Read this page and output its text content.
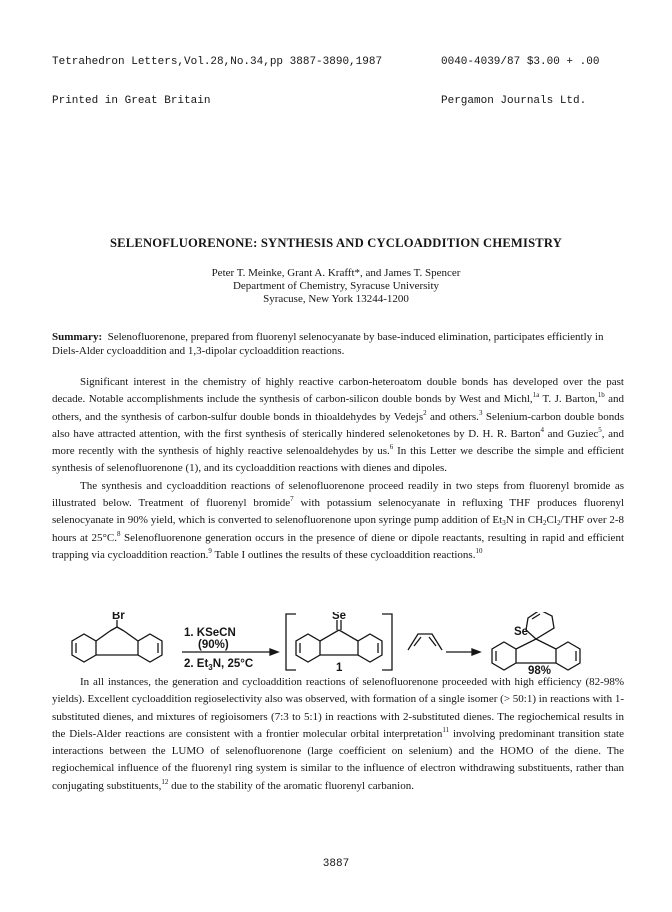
Tetrahedron Letters,Vol.28,No.34,pp 3887-3890,1987

Printed in Great Britain

0040-4039/87 $3.00 + .00

Pergamon Journals Ltd.

SELENOFLUORENONE: SYNTHESIS AND CYCLOADDITION CHEMISTRY
Peter T. Meinke, Grant A. Krafft*, and James T. Spencer
Department of Chemistry, Syracuse University
Syracuse, New York 13244-1200
Summary: Selenofluorenone, prepared from fluorenyl selenocyanate by base-induced elimination, participates efficiently in Diels-Alder cycloaddition and 1,3-dipolar cycloaddition reactions.

Significant interest in the chemistry of highly reactive carbon-heteroatom double bonds has developed over the past decade. Notable accomplishments include the synthesis of carbon-silicon double bonds by West and Michl,$^{1a}$ T. J. Barton,$^{1b}$ and others, and the synthesis of carbon-sulfur double bonds in thioaldehydes by Vedejs$^2$ and others.$^3$ Selenium-carbon double bonds also have attracted attention, with the first synthesis of sterically hindered selenoketones by D. H. R. Barton$^4$ and Guziec$^5$, and more recently with the synthesis of highly reactive selenoaldehydes by us.$^6$ In this Letter we describe the simple and efficient synthesis of selenofluorenone (1), and its cycloaddition reactions with dienes and dipoles.

The synthesis and cycloaddition reactions of selenofluorenone proceed readily in two steps from fluorenyl bromide as illustrated below. Treatment of fluorenyl bromide$^7$ with potassium selenocyanate in refluxing THF produces fluorenyl selenocyanate in 90% yield, which is converted to selenofluorenone upon syringe pump addition of $Et_3N$ in $CH_2Cl_2$/THF over 2-8 hours at 25°C.$^8$ Selenofluorenone generation occurs in the presence of diene or dipole reactants, resulting in rapid and efficient trapping via cycloaddition reaction.$^9$ Table I outlines the results of these cycloaddition reactions.$^{10}$

Br
1. KSeCN
(90%)
2. $Et_3N$, 25°C
Se
1
Se
98%

In all instances, the generation and cycloaddition reactions of selenofluorenone proceeded with high efficiency (82-98% yields). Excellent cycloaddition regioselectivity also was observed, with formation of a single isomer (> 50:1) in reactions with 1-substituted dienes, and mixtures of regioisomers (7:3 to 5:1) in reactions with 2-substituted dienes. The regiochemical results in the Diels-Alder reactions are consistent with a frontier molecular orbital interpretation$^{11}$ involving predominant transition state interactions between the LUMO of selenofluorenone (large coefficient on selenium) and the HOMO of the diene. The regiochemical influence of the fluorenyl ring system is similar to the influence of electron withdrawing substituents, rather than conjugating substituents,$^{12}$ due to the stability of the aromatic fluorenyl carbanion.

3887
